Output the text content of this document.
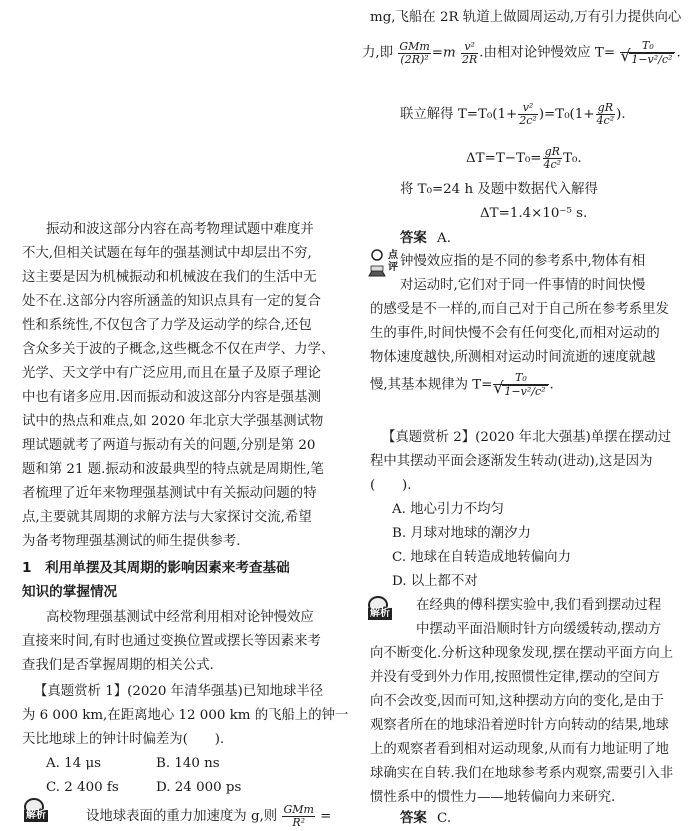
振动和波这部分内容在高考物理试题中难度并
不大,但相关试题在每年的强基测试中却层出不穷,
这主要是因为机械振动和机械波在我们的生活中无
处不在.这部分内容所涵盖的知识点具有一定的复合
性和系统性,不仅包含了力学及运动学的综合,还包
含众多关于波的子概念,这些概念不仅在声学、力学、
光学、天文学中有广泛应用,而且在量子及原子理论
中也有诸多应用.因而振动和波这部分内容是强基测
试中的热点和难点,如 2020 年北京大学强基测试物
理试题就考了两道与振动有关的问题,分别是第 20
题和第 21 题.振动和波最典型的特点就是周期性,笔
者梳理了近年来物理强基测试中有关振动问题的特
点,主要就其周期的求解方法与大家探讨交流,希望
为备考物理强基测试的师生提供参考.
1　利用单摆及其周期的影响因素来考查基础
知识的掌握情况
高校物理强基测试中经常利用相对论钟慢效应
直接来时间,有时也通过变换位置或摆长等因素来考
查我们是否掌握周期的相关公式.
【真题赏析 1】(2020 年清华强基)已知地球半径
为 6 000 km,在距离地心 12 000 km 的飞船上的钟一
天比地球上的钟计时偏差为(　　).
A. 14 μs	B. 140 ns
C. 2 400 fs	D. 24 000 ps
解析	设地球表面的重力加速度为 g,则 $\frac{\text{GMm}}{\text{R²}}$ =
mg,飞船在 2R 轨道上做圆周运动,万有引力提供向心
力,即 $\frac{\text{GMm}}{\text{(2R)²}} =m \frac{\text{v²}}{2R}$ .由相对论钟慢效应 T= T₀
√ 1−v²/c² .
联立解得 $T=T_0(1+ \frac{\text{v²}}{\text{2c²}} )=T_0(1+ \frac{gR}{\text{4c²}}$ ).
$\Delta T=T-T_0= \frac{gR}{\text{4c²}} T_0$.
将 T₀=24 h 及题中数据代入解得
ΔT=1.4×10⁻⁵ s.
答案 A.
点评 钟慢效应指的是不同的参考系中,物体有相
对运动时,它们对于同一件事情的时间快慢
的感受是不一样的,而自己对于自己所在参考系里发
生的事件,时间快慢不会有任何变化,而相对运动的
物体速度越快,所测相对运动时间流逝的速度就越
慢,其基本规律为 T= T₀
√ 1−v²/c² .
【真题赏析 2】(2020 年北大强基)单摆在摆动过
程中其摆动平面会逐渐发生转动(进动),这是因为
(　　).
A. 地心引力不均匀
B. 月球对地球的潮汐力
C. 地球在自转造成地转偏向力
D. 以上都不对
解析
在经典的傅科摆实验中,我们看到摆动过程
中摆动平面沿顺时针方向缓缓转动,摆动方
向不断变化.分析这种现象发现,摆在摆动平面方向上
并没有受到外力作用,按照惯性定律,摆动的空间方
向不会改变,因而可知,这种摆动方向的变化,是由于
观察者所在的地球沿着逆时针方向转动的结果,地球
上的观察者看到相对运动现象,从而有力地证明了地
球确实在自转.我们在地球参考系内观察,需要引入非
惯性系中的惯性力——地转偏向力来研究.
答案 C.
